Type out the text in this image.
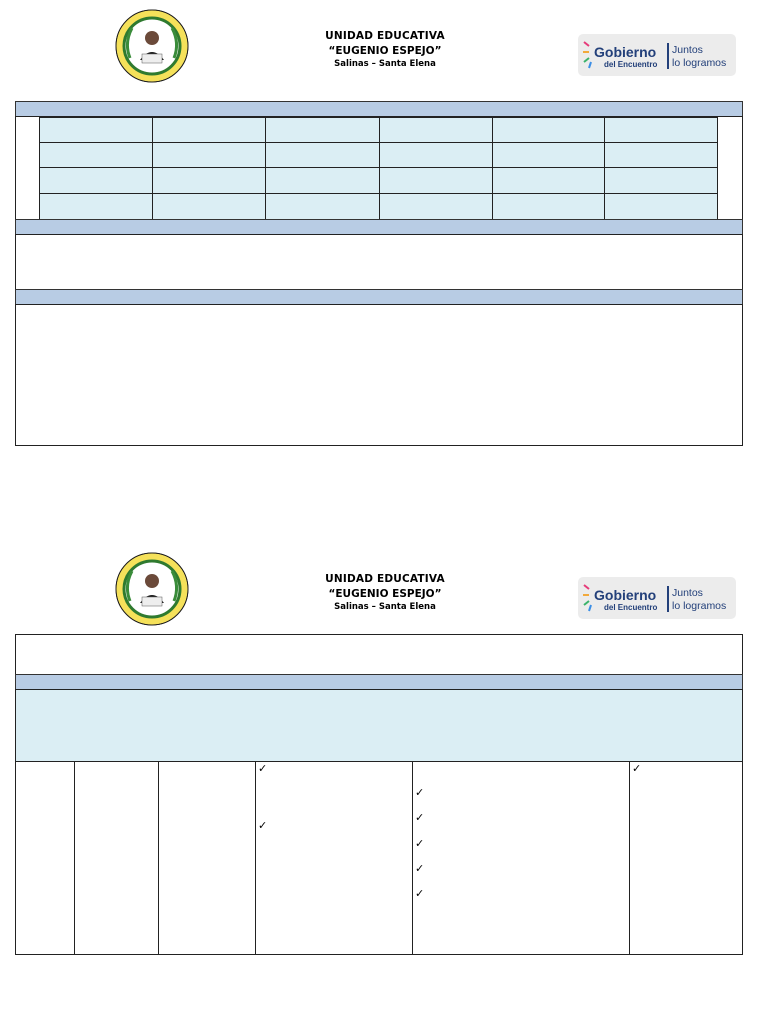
UNIDAD EDUCATIVA
“EUGENIO ESPEJO”
Salinas – Santa Elena
Gobierno
del Encuentro
Juntos
lo logramos
UNIDAD EDUCATIVA
“EUGENIO ESPEJO”
Salinas – Santa Elena
Gobierno
del Encuentro
Juntos
lo logramos
✓
✓
✓
✓
✓
✓
✓
✓
